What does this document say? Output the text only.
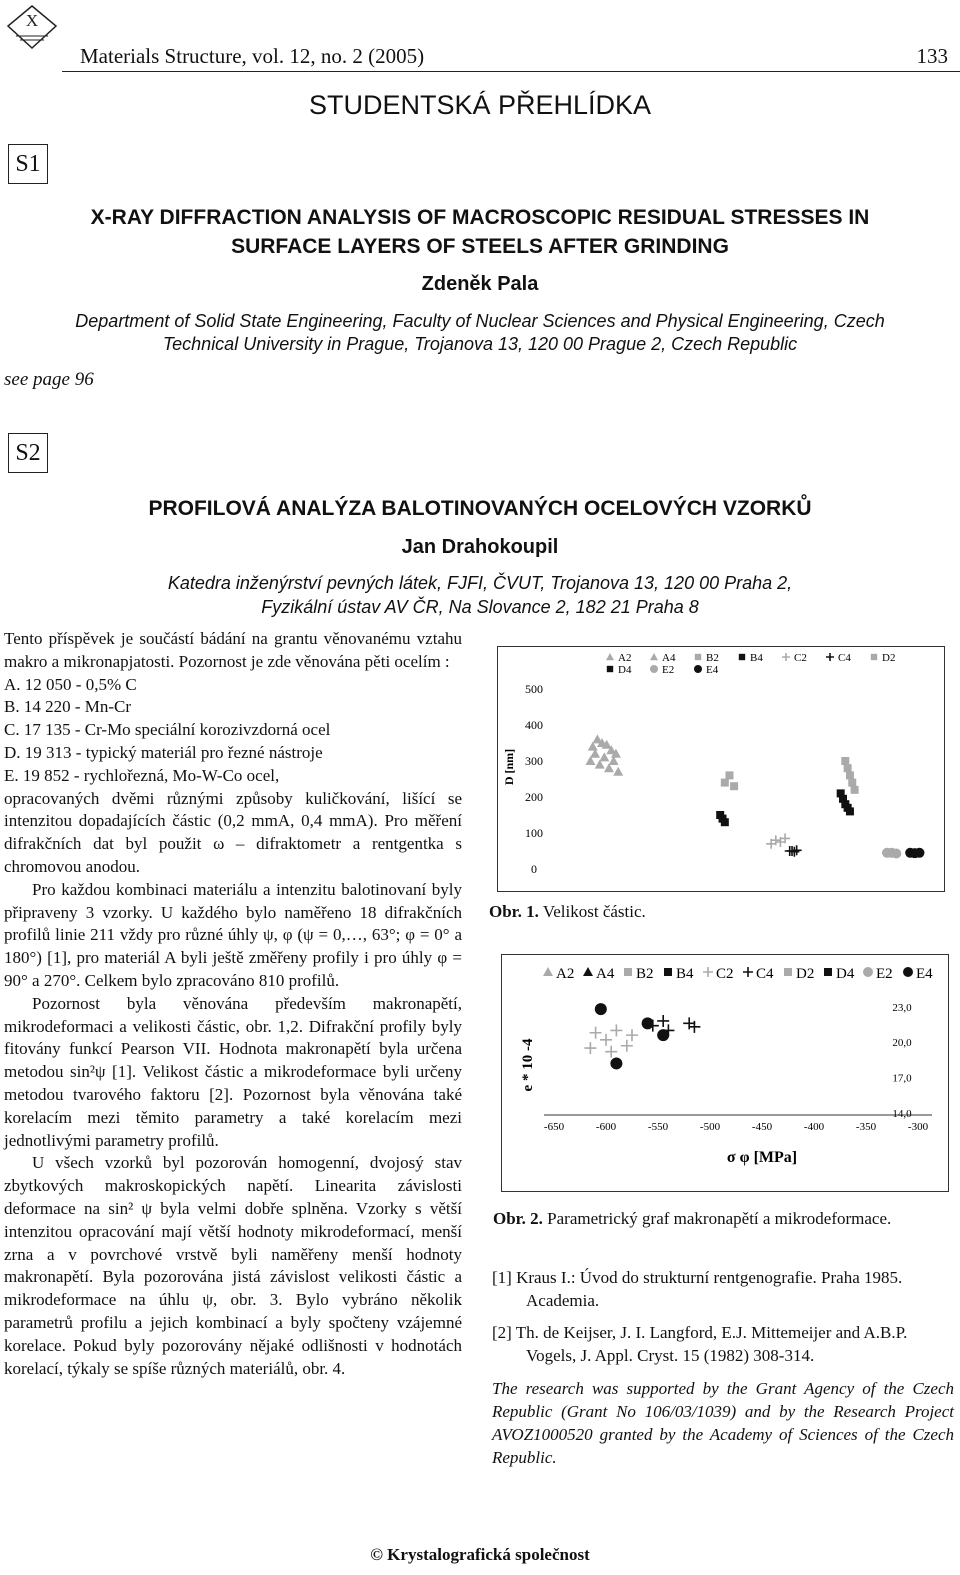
X
Materials Structure, vol. 12, no. 2 (2005)	133
STUDENTSKÁ PŘEHLÍDKA
S1
X-RAY DIFFRACTION ANALYSIS OF MACROSCOPIC RESIDUAL STRESSES IN
SURFACE LAYERS OF STEELS AFTER GRINDING
Zdeněk Pala
Department of Solid State Engineering, Faculty of Nuclear Sciences and Physical Engineering, Czech
Technical University in Prague, Trojanova 13, 120 00 Prague 2, Czech Republic
see page 96
S2
PROFILOVÁ ANALÝZA BALOTINOVANÝCH OCELOVÝCH VZORKŮ
Jan Drahokoupil
Katedra inženýrství pevných látek, FJFI, ČVUT, Trojanova 13, 120 00 Praha 2,
Fyzikální ústav AV ČR, Na Slovance 2, 182 21 Praha 8

Tento příspěvek je součástí bádání na grantu věnovanému vztahu makro a mikronapjatosti. Pozornost je zde věnována pěti ocelím :

A. 12 050 - 0,5% C
B. 14 220 - Mn-Cr
C. 17 135 - Cr-Mo speciální korozivzdorná ocel
D. 19 313 - typický materiál pro řezné nástroje
E. 19 852 - rychlořezná, Mo-W-Co ocel,

opracovaných dvěmi různými způsoby kuličkování, lišící se intenzitou dopadajících částic (0,2 mmA, 0,4 mmA). Pro měření difrakčních dat byl použit ω – difraktometr a rentgentka s chromovou anodou.

Pro každou kombinaci materiálu a intenzitu balotinovaní byly připraveny 3 vzorky. U každého bylo naměřeno 18 difrakčních profilů linie 211 vždy pro různé úhly ψ, φ (ψ = 0,…, 63°; φ = 0° a 180°) [1], pro materiál A byli ještě změřeny profily i pro úhly φ = 90° a 270°. Celkem bylo zpracováno 810 profilů.

Pozornost byla věnována především makronapětí, mikrodeformaci a velikosti částic, obr. 1,2. Difrakční profily byly fitovány funkcí Pearson VII. Hodnota makronapětí byla určena metodou sin²ψ [1]. Velikost částic a mikrodeformace byli určeny metodou tvarového faktoru [2]. Pozornost byla věnována také korelacím mezi těmito parametry a také korelacím mezi jednotlivými parametry profilů.

U všech vzorků byl pozorován homogenní, dvojosý stav zbytkových makroskopických napětí. Linearita závislosti deformace na sin² ψ byla velmi dobře splněna. Vzorky s větší intenzitou opracování mají větší hodnoty mikrodeformací, menší zrna a v povrchové vrstvě byli naměřeny menší hodnoty makronapětí. Byla pozorována jistá závislost velikosti částic a mikrodeformace na úhlu ψ, obr. 3. Bylo vybráno několik parametrů profilu a jejich kombinací a byly spočteny vzájemné korelace. Pokud byly pozorovány nějaké odlišnosti v hodnotách korelací, týkaly se spíše různých materiálů, obr. 4.

0
100
200
300
400
500
D [nm]
A2	A4	B2	B4	C2	C4	D2
D4	E2	E4
Obr. 1. Velikost částic.
-650	-600	-550	-500	-450	-400	-350	-300
14,0
17,0
20,0
23,0
σ φ [MPa]
e * 10 -4
A2 A4 B2 B4 C2 C4 D2 D4 E2 E4
Obr. 2. Parametrický graf makronapětí a mikrodeformace.

[1] Kraus I.: Úvod do strukturní rentgenografie. Praha 1985. Academia.

[2] Th. de Keijser, J. I. Langford, E.J. Mittemeijer and A.B.P. Vogels, J. Appl. Cryst. 15 (1982) 308-314.

The research was supported by the Grant Agency of the Czech Republic (Grant No 106/03/1039) and by the Research Project AVOZ1000520 granted by the Academy of Sciences of the Czech Republic.
© Krystalografická společnost
